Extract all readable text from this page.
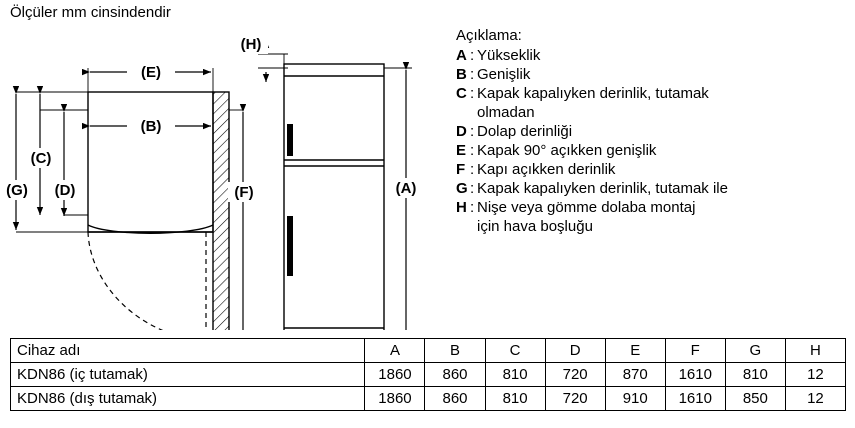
Ölçüler mm cinsindendir
(E)
(B)
(G)
(C)
(D)	(F)
(H)
(A)
Açıklama:
A : Yükseklik
B : Genişlik
C : Kapak kapalıyken derinlik, tutamak
olmadan
D : Dolap derinliği
E : Kapak 90° açıkken genişlik
F : Kapı açıkken derinlik
G : Kapak kapalıyken derinlik, tutamak ile
H : Nişe veya gömme dolaba montaj
için hava boşluğu
Cihaz adı	A	B	C	D	E	F	G	H
KDN86 (iç tutamak)	1860	860	810	720	870	1610	810	12
KDN86 (dış tutamak)	1860	860	810	720	910	1610	850	12
